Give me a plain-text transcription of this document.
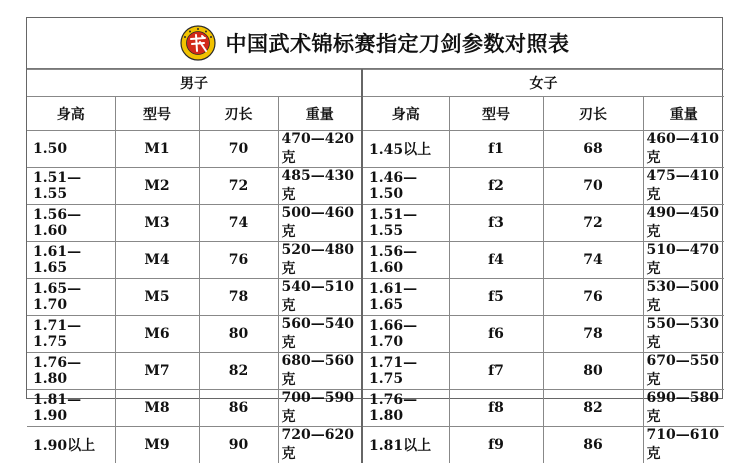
中国武术锦标赛指定刀剑参数对照表
男子				女子			
身高	型号	刃长	重量	身高	型号	刃长	重量
1.50	M1	70	470—420克	1.45以上	f1	68	460—410克
1.51—1.55	M2	72	485—430克	1.46—1.50	f2	70	475—410克
1.56—1.60	M3	74	500—460克	1.51—1.55	f3	72	490—450克
1.61—1.65	M4	76	520—480克	1.56—1.60	f4	74	510—470克
1.65—1.70	M5	78	540—510克	1.61—1.65	f5	76	530—500克
1.71—1.75	M6	80	560—540克	1.66—1.70	f6	78	550—530克
1.76—1.80	M7	82	680—560克	1.71—1.75	f7	80	670—550克
1.81—1.90	M8	86	700—590克	1.76—1.80	f8	82	690—580克
1.90以上	M9	90	720—620克	1.81以上	f9	86	710—610克
